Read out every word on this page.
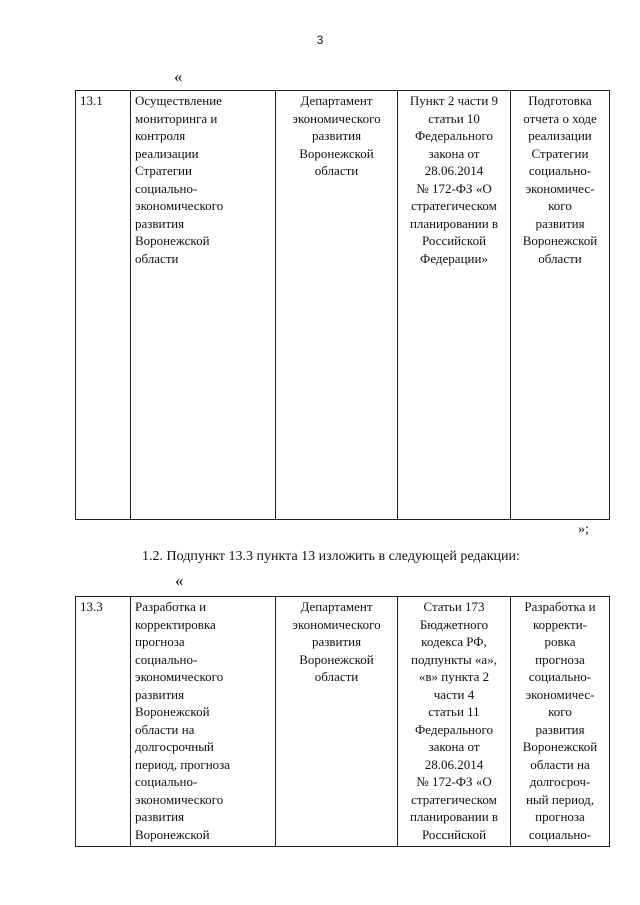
3
«
13.1	Осуществление
мониторинга и
контроля
реализации
Стратегии
социально-
экономического
развития
Воронежской
области	Департамент
экономического
развития
Воронежской
области	Пункт 2 части 9
статьи 10
Федерального
закона от
28.06.2014
№ 172-ФЗ «О
стратегическом
планировании в
Российской
Федерации»	Подготовка
отчета о ходе
реализации
Стратегии
социально-
экономичес-
кого
развития
Воронежской
области
»;
1.2. Подпункт 13.3 пункта 13 изложить в следующей редакции:
«
13.3	Разработка и
корректировка
прогноза
социально-
экономического
развития
Воронежской
области на
долгосрочный
период, прогноза
социально-
экономического
развития
Воронежской	Департамент
экономического
развития
Воронежской
области	Статьи 173
Бюджетного
кодекса РФ,
подпункты «а»,
«в» пункта 2
части 4
статьи 11
Федерального
закона от
28.06.2014
№ 172-ФЗ «О
стратегическом
планировании в
Российской	Разработка и
корректи-
ровка
прогноза
социально-
экономичес-
кого
развития
Воронежской
области на
долгосроч-
ный период,
прогноза
социально-
